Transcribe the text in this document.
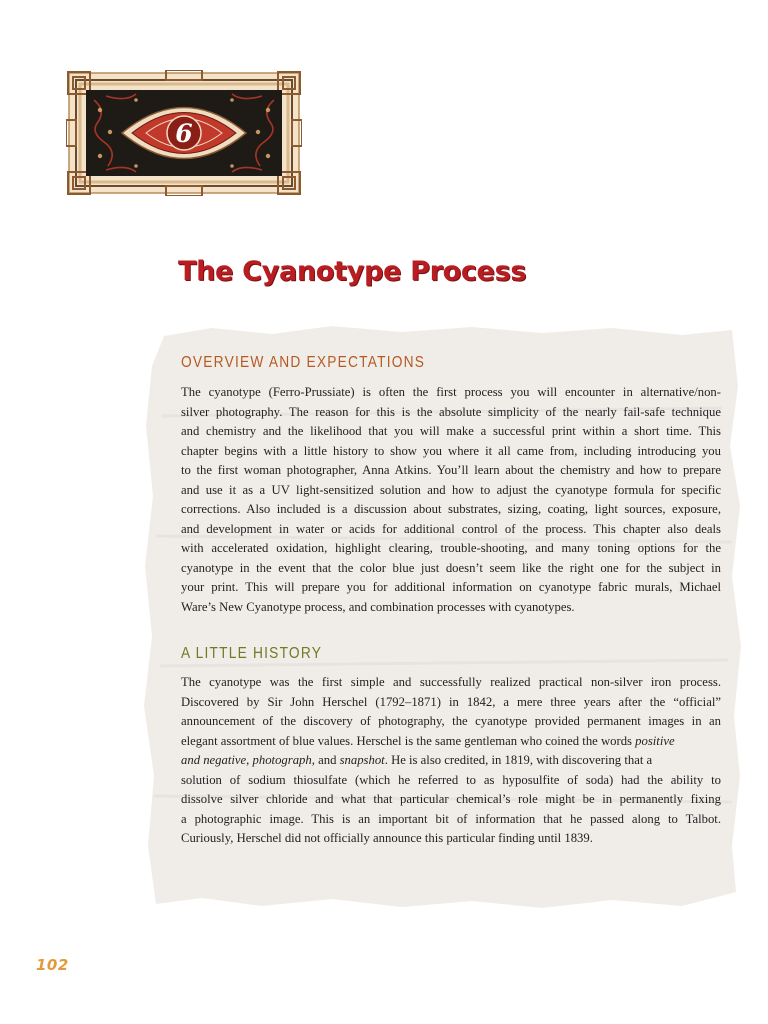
6
The Cyanotype Process
OVERVIEW AND EXPECTATIONS

The cyanotype (Ferro-Prussiate) is often the first process you will encounter in alternative/non-
silver photography. The reason for this is the absolute simplicity of the nearly fail-safe technique
and chemistry and the likelihood that you will make a successful print within a short time. This
chapter begins with a little history to show you where it all came from, including introducing you
to the first woman photographer, Anna Atkins. You’ll learn about the chemistry and how to prepare
and use it as a UV light-sensitized solution and how to adjust the cyanotype formula for specific
corrections. Also included is a discussion about substrates, sizing, coating, light sources, exposure,
and development in water or acids for additional control of the process. This chapter also deals
with accelerated oxidation, highlight clearing, trouble-shooting, and many toning options for the
cyanotype in the event that the color blue just doesn’t seem like the right one for the subject in
your print. This will prepare you for additional information on cyanotype fabric murals, Michael
Ware’s New Cyanotype process, and combination processes with cyanotypes.

A LITTLE HISTORY

The cyanotype was the first simple and successfully realized practical non-silver iron process.
Discovered by Sir John Herschel (1792–1871) in 1842, a mere three years after the “official”
announcement of the discovery of photography, the cyanotype provided permanent images in an
elegant assortment of blue values. Herschel is the same gentleman who coined the words positive
and negative, photograph, and snapshot. He is also credited, in 1819, with discovering that a
solution of sodium thiosulfate (which he referred to as hyposulfite of soda) had the ability to
dissolve silver chloride and what that particular chemical’s role might be in permanently fixing
a photographic image. This is an important bit of information that he passed along to Talbot.
Curiously, Herschel did not officially announce this particular finding until 1839.

102
